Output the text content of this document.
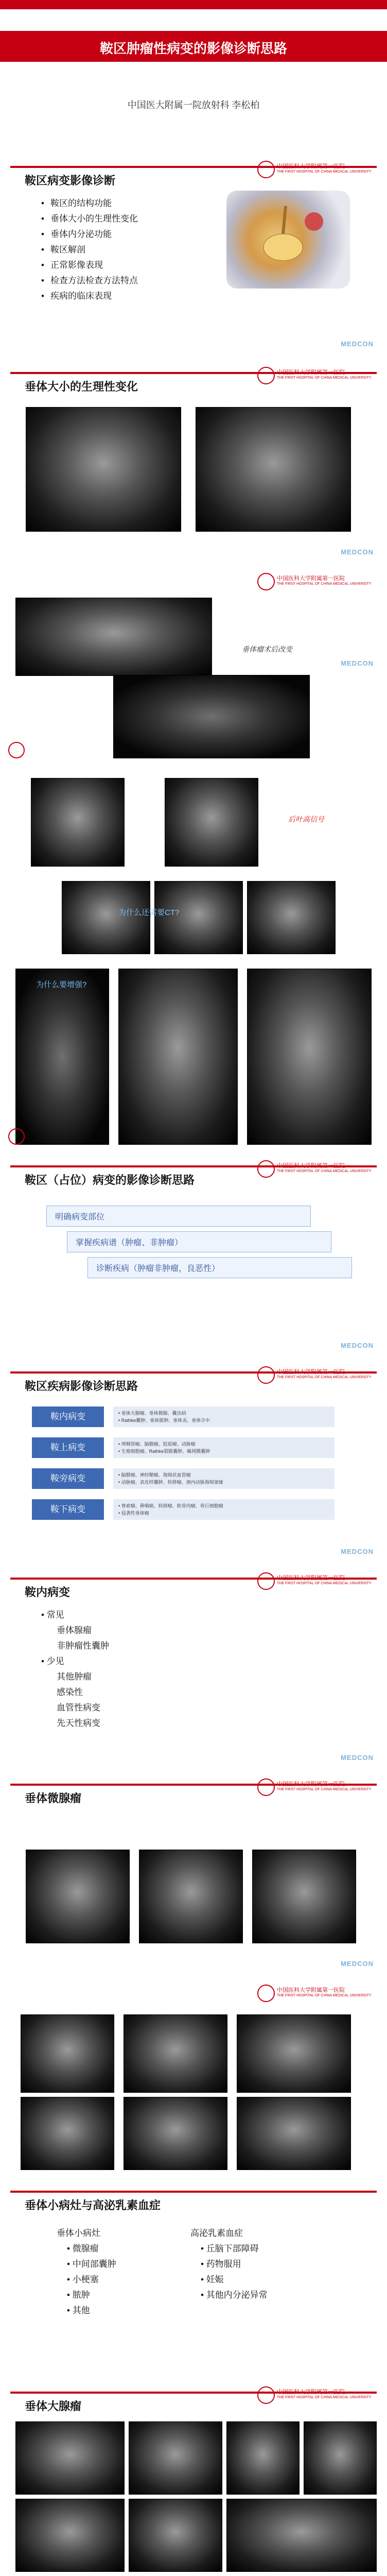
鞍区肿瘤性病变的影像诊断思路
中国医大附属一院放射科 李松柏
鞍区病变影像诊断
中国医科大学附属第一医院
THE FIRST HOSPITAL OF CHINA MEDICAL UNIVERSITY
• 鞍区的结构功能
• 垂体大小的生理性变化
• 垂体内分泌功能
• 鞍区解剖
• 正常影像表现
• 检查方法检查方法特点
• 疾病的临床表现
MEDCON
垂体大小的生理性变化
中国医科大学附属第一医院
THE FIRST HOSPITAL OF CHINA MEDICAL UNIVERSITY
MEDCON
中国医科大学附属第一医院
THE FIRST HOSPITAL OF CHINA MEDICAL UNIVERSITY
垂体瘤术后改变
MEDCON
后叶高信号
为什么还需要CT?
为什么要增强?
鞍区（占位）病变的影像诊断思路
中国医科大学附属第一医院
THE FIRST HOSPITAL OF CHINA MEDICAL UNIVERSITY
明确病变部位
掌握疾病谱（肿瘤、非肿瘤）
诊断疾病（肿瘤非肿瘤，良恶性）
MEDCON
鞍区疾病影像诊断思路
中国医科大学附属第一医院
THE FIRST HOSPITAL OF CHINA MEDICAL UNIVERSITY
鞍内病变	• 垂体大腺瘤、垂体微腺、囊虫病
• Rathke囊肿、垂体脓肿、垂体炎、垂体卒中
鞍上病变	• 颅咽管瘤、脑膜瘤、胶质瘤、动脉瘤
• 生殖细胞瘤、Rathke裂隙囊肿、蛛网膜囊肿
鞍旁病变	• 脑膜瘤、神经鞘瘤、海绵状血管瘤
• 动脉瘤、表皮样囊肿、转移瘤、颈内动脉海绵窦瘘
鞍下病变	• 脊索瘤、鼻咽癌、转移瘤、软骨肉瘤、骨巨细胞瘤
• 侵袭性垂体瘤
MEDCON
鞍内病变
中国医科大学附属第一医院
THE FIRST HOSPITAL OF CHINA MEDICAL UNIVERSITY
• 常见
垂体腺瘤
非肿瘤性囊肿
• 少见
其他肿瘤
感染性
血管性病变
先天性病变
MEDCON
垂体微腺瘤
中国医科大学附属第一医院
THE FIRST HOSPITAL OF CHINA MEDICAL UNIVERSITY
MEDCON
中国医科大学附属第一医院
THE FIRST HOSPITAL OF CHINA MEDICAL UNIVERSITY
垂体小病灶与高泌乳素血症
垂体小病灶
• 微腺瘤
• 中间部囊肿
• 小梗塞
• 脓肿
• 其他
高泌乳素血症
• 丘脑下部障碍
• 药物服用
• 妊娠
• 其他内分泌异常
垂体大腺瘤
中国医科大学附属第一医院
THE FIRST HOSPITAL OF CHINA MEDICAL UNIVERSITY
